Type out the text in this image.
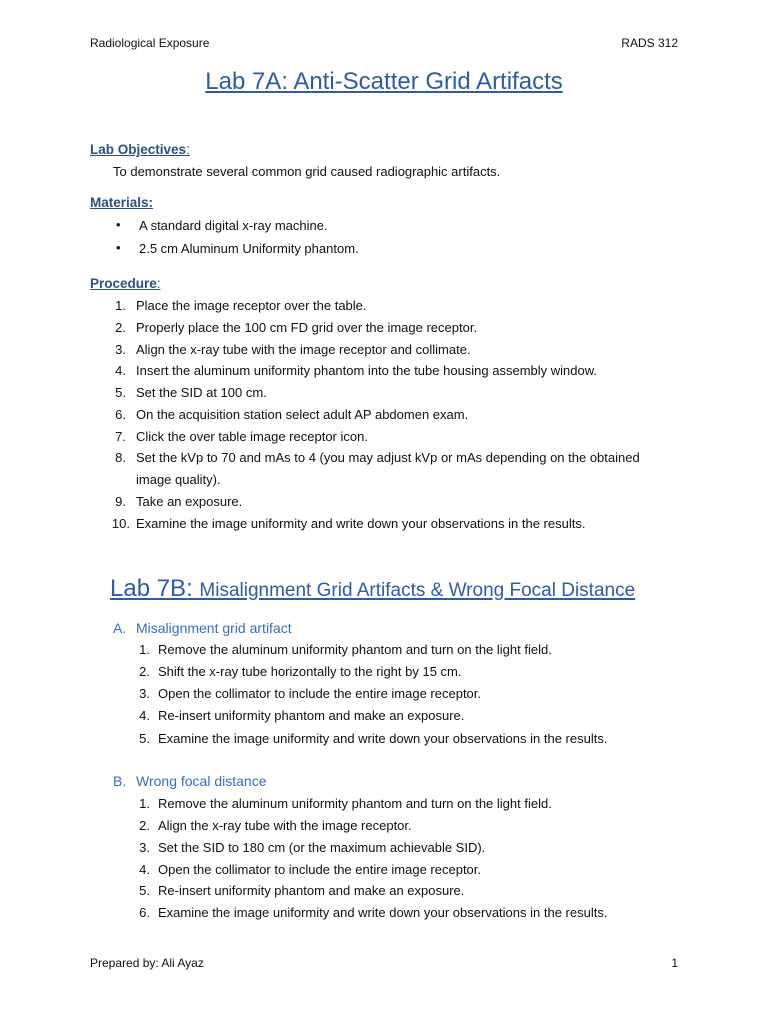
Radiological Exposure	RADS 312
Lab 7A: Anti-Scatter Grid Artifacts
Lab Objectives:
To demonstrate several common grid caused radiographic artifacts.
Materials:
• A standard digital x-ray machine.
• 2.5 cm Aluminum Uniformity phantom.
Procedure:
1. Place the image receptor over the table.
2. Properly place the 100 cm FD grid over the image receptor.
3. Align the x-ray tube with the image receptor and collimate.
4. Insert the aluminum uniformity phantom into the tube housing assembly window.
5. Set the SID at 100 cm.
6. On the acquisition station select adult AP abdomen exam.
7. Click the over table image receptor icon.
8. Set the kVp to 70 and mAs to 4 (you may adjust kVp or mAs depending on the obtained
image quality).
9. Take an exposure.
10. Examine the image uniformity and write down your observations in the results.
Lab 7B: Misalignment Grid Artifacts & Wrong Focal Distance
A. Misalignment grid artifact
1. Remove the aluminum uniformity phantom and turn on the light field.
2. Shift the x-ray tube horizontally to the right by 15 cm.
3. Open the collimator to include the entire image receptor.
4. Re-insert uniformity phantom and make an exposure.
5. Examine the image uniformity and write down your observations in the results.
B. Wrong focal distance
1. Remove the aluminum uniformity phantom and turn on the light field.
2. Align the x-ray tube with the image receptor.
3. Set the SID to 180 cm (or the maximum achievable SID).
4. Open the collimator to include the entire image receptor.
5. Re-insert uniformity phantom and make an exposure.
6. Examine the image uniformity and write down your observations in the results.
Prepared by: Ali Ayaz	1
